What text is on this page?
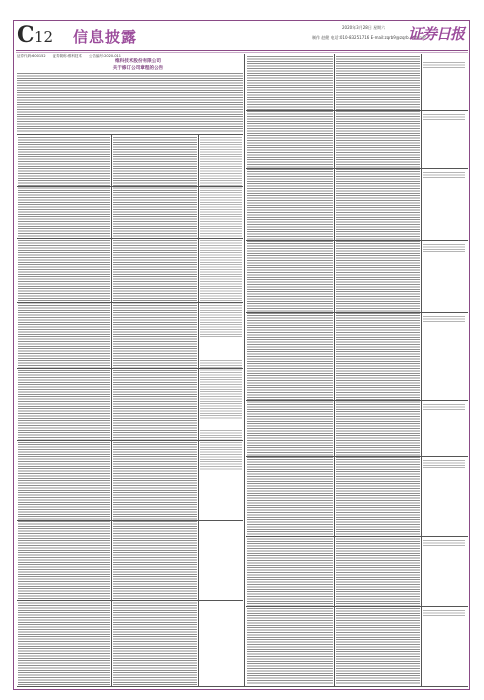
C 12 信息披露
2020年3月28日 星期六
制作 赵健 电话:010-83251716 E-mail:zqrb9@zqrb.sina.net
证券日报
证券代码:600152 证券简称:维科技术 公告编号:2020-011
维科技术股份有限公司
关于修订公司章程的公告
